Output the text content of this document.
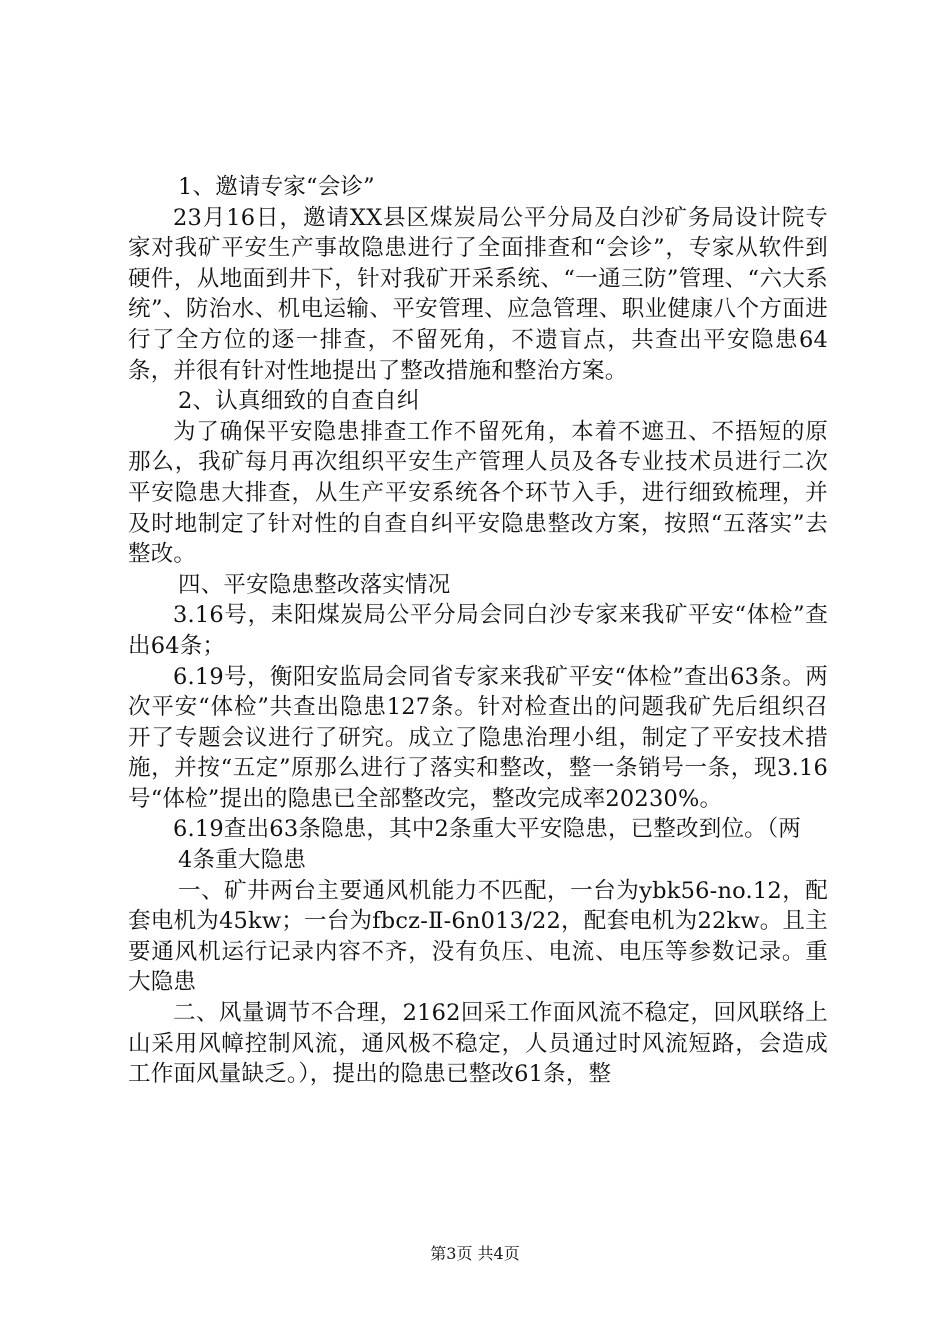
1、邀请专家“会诊”

23月16日，邀请XX县区煤炭局公平分局及白沙矿务局设计院专家对我矿平安生产事故隐患进行了全面排查和“会诊”，专家从软件到硬件，从地面到井下，针对我矿开采系统、“一通三防”管理、“六大系统”、防治水、机电运输、平安管理、应急管理、职业健康八个方面进行了全方位的逐一排查，不留死角，不遗盲点，共查出平安隐患64条，并很有针对性地提出了整改措施和整治方案。

2、认真细致的自查自纠

为了确保平安隐患排查工作不留死角，本着不遮丑、不捂短的原那么，我矿每月再次组织平安生产管理人员及各专业技术员进行二次平安隐患大排查，从生产平安系统各个环节入手，进行细致梳理，并及时地制定了针对性的自查自纠平安隐患整改方案，按照“五落实”去整改。

四、平安隐患整改落实情况

3.16号，耒阳煤炭局公平分局会同白沙专家来我矿平安“体检”查出64条；

6.19号，衡阳安监局会同省专家来我矿平安“体检”查出63条。两次平安“体检”共查出隐患127条。针对检查出的问题我矿先后组织召开了专题会议进行了研究。成立了隐患治理小组，制定了平安技术措施，并按“五定”原那么进行了落实和整改，整一条销号一条，现3.16号“体检”提出的隐患已全部整改完，整改完成率20230%。

6.19查出63条隐患，其中2条重大平安隐患，已整改到位。（两

4条重大隐患

一、矿井两台主要通风机能力不匹配，一台为ybk56-no.12，配套电机为45kw；一台为fbcz-Ⅱ-6n013/22，配套电机为22kw。且主要通风机运行记录内容不齐，没有负压、电流、电压等参数记录。重大隐患

二、风量调节不合理，2162回采工作面风流不稳定，回风联络上山采用风幛控制风流，通风极不稳定，人员通过时风流短路，会造成工作面风量缺乏。），提出的隐患已整改61条，整

第3页 共4页
